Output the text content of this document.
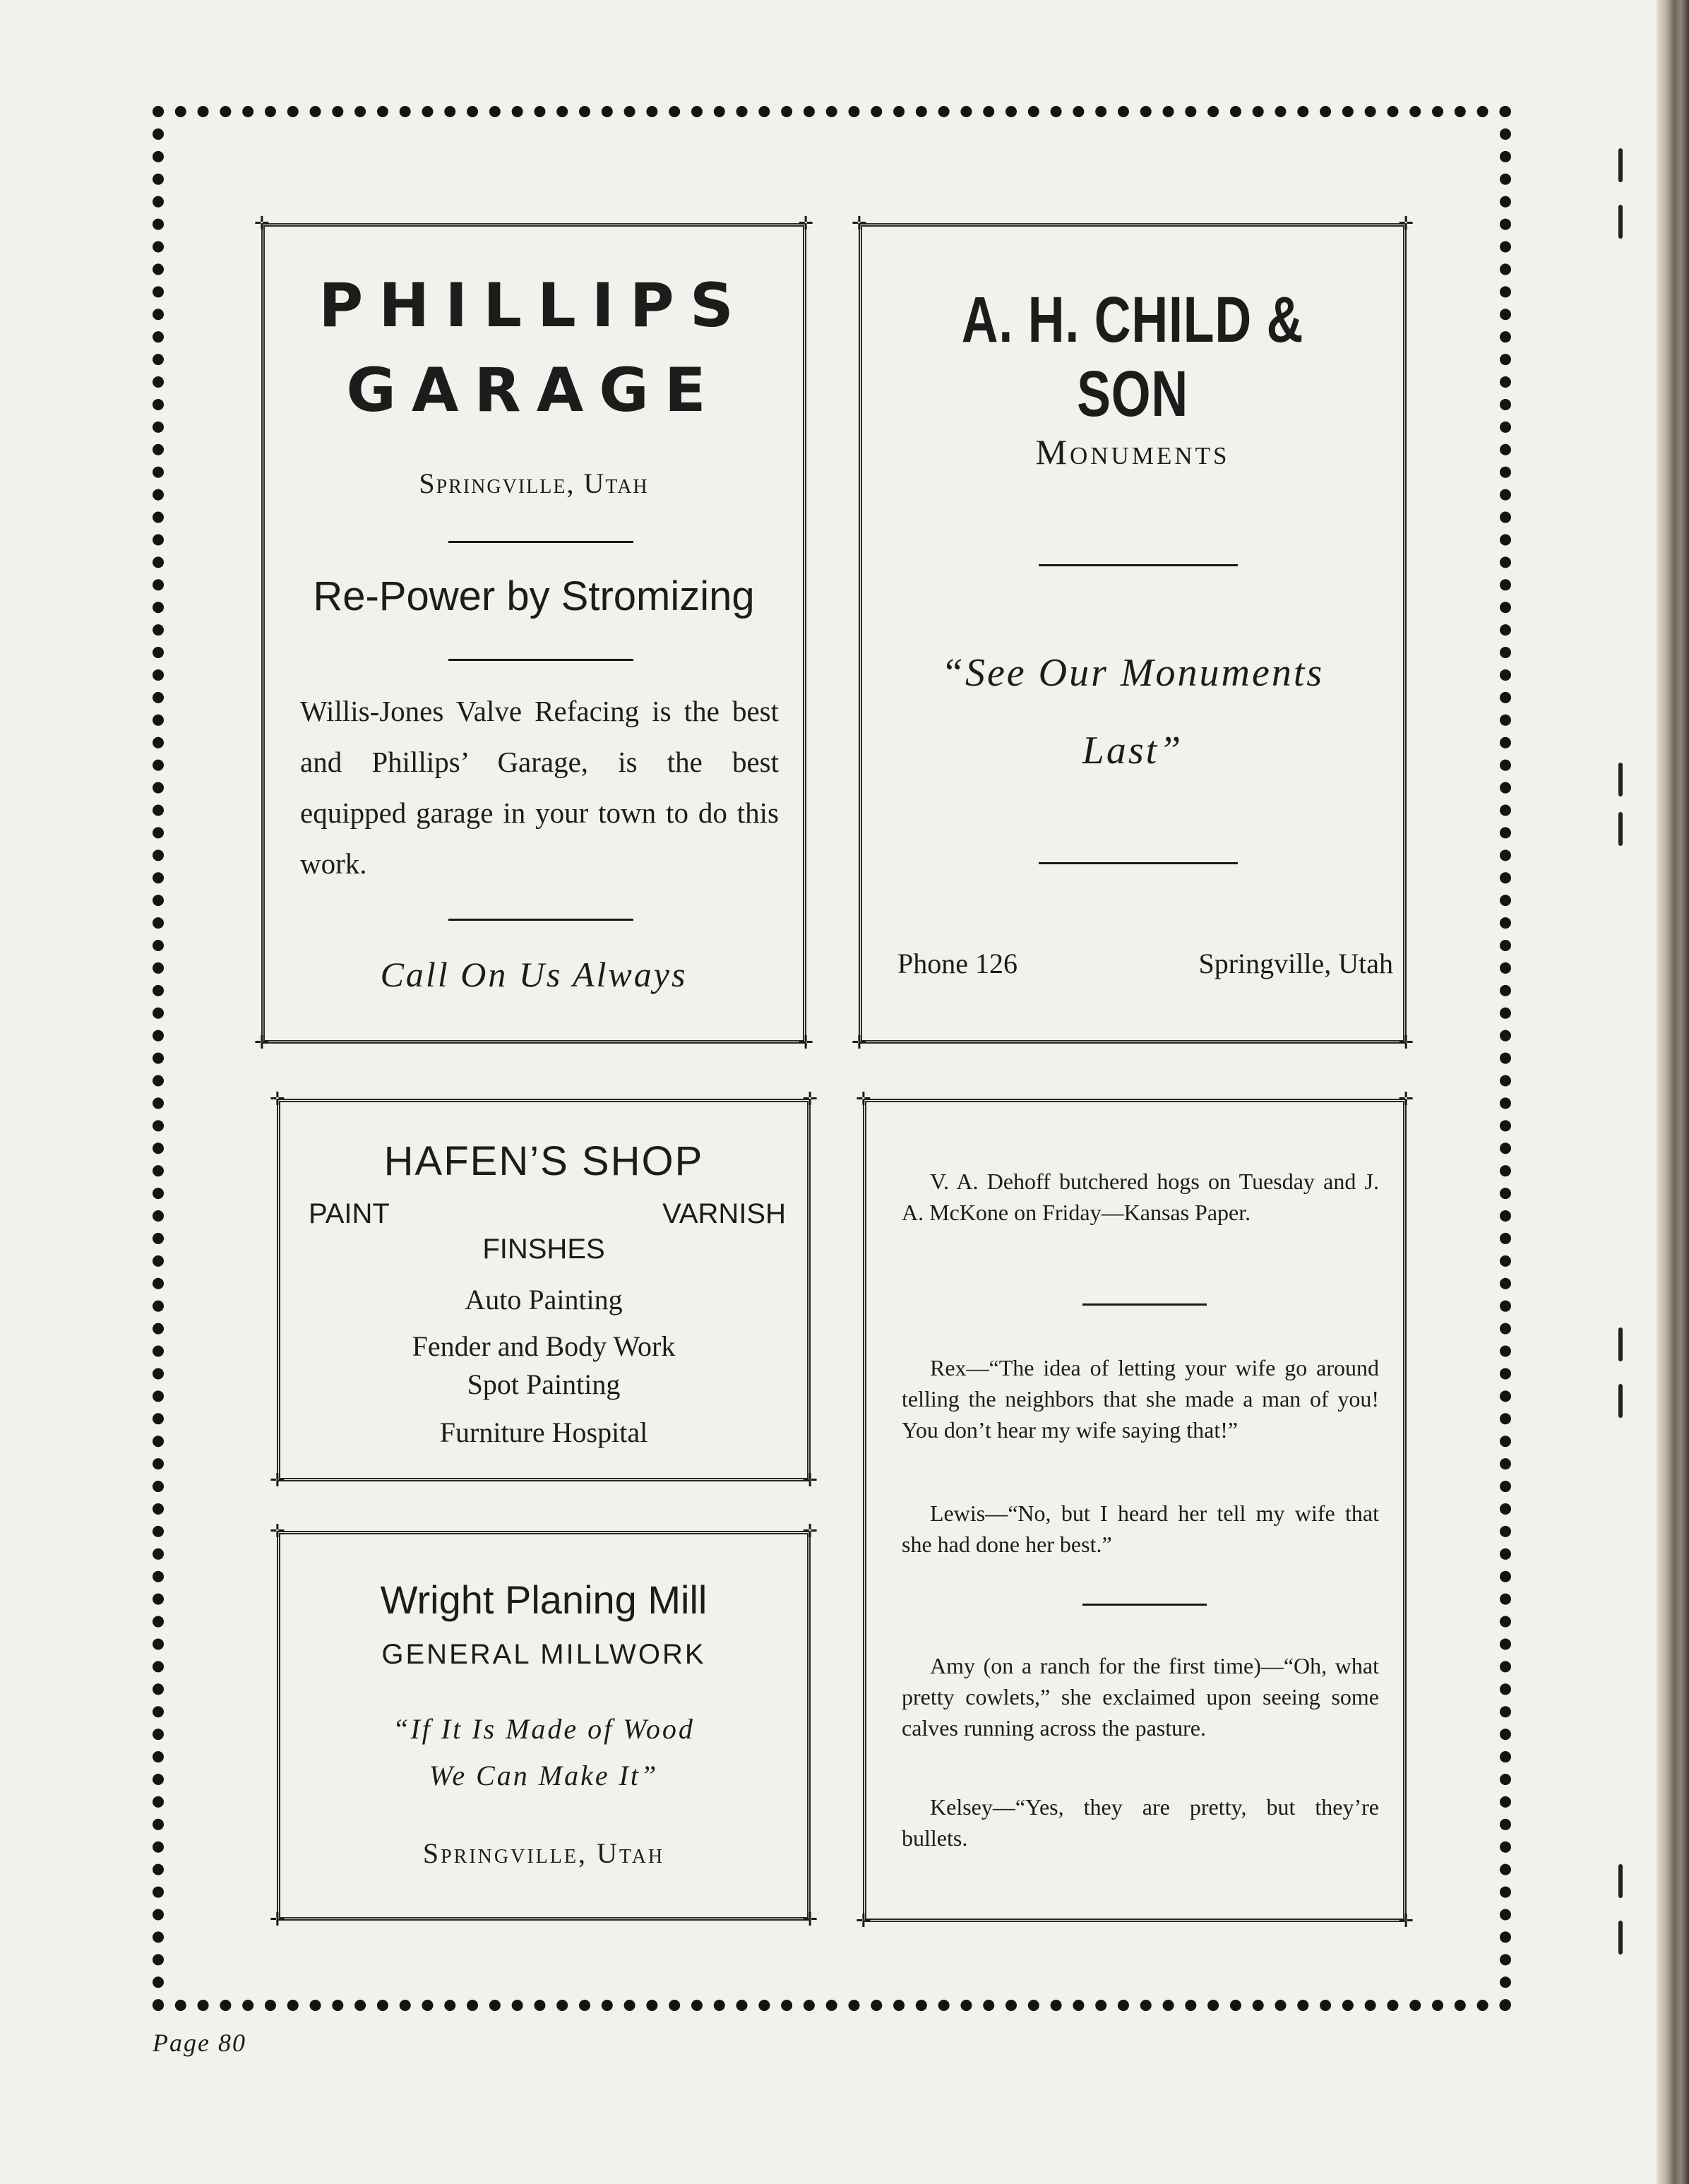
✛ ✛	✛
PHILLIPS
GARAGE
Springville, Utah
Re-Power by Stromizing
Willis-Jones Valve Refacing is the best and Phillips’ Garage, is the best equipped garage in your town to do this work.
Call On Us Always
✛
✛ ✛	✛
A. H. CHILD & SON
Monuments
“See Our Monuments
Last”
Phone 126	Springville, Utah
✛
✛ ✛	✛
HAFEN’S SHOP
PAINT	VARNISH
FINSHES
Auto Painting
Fender and Body Work
Spot Painting
Furniture Hospital
✛
✛ ✛	✛
Wright Planing Mill
GENERAL MILLWORK
“If It Is Made of Wood
We Can Make It”
Springville, Utah
✛
✛ ✛	✛
V. A. Dehoff butchered hogs on Tuesday and J. A. McKone on Friday—Kansas Paper.
Rex—“The idea of letting your wife go around telling the neighbors that she made a man of you! You don’t hear my wife saying that!”
Lewis—“No, but I heard her tell my wife that she had done her best.”
Amy (on a ranch for the first time)—“Oh, what pretty cowlets,” she exclaimed upon seeing some calves running across the pasture.
Kelsey—“Yes, they are pretty, but they’re bullets.
✛
Page 80
